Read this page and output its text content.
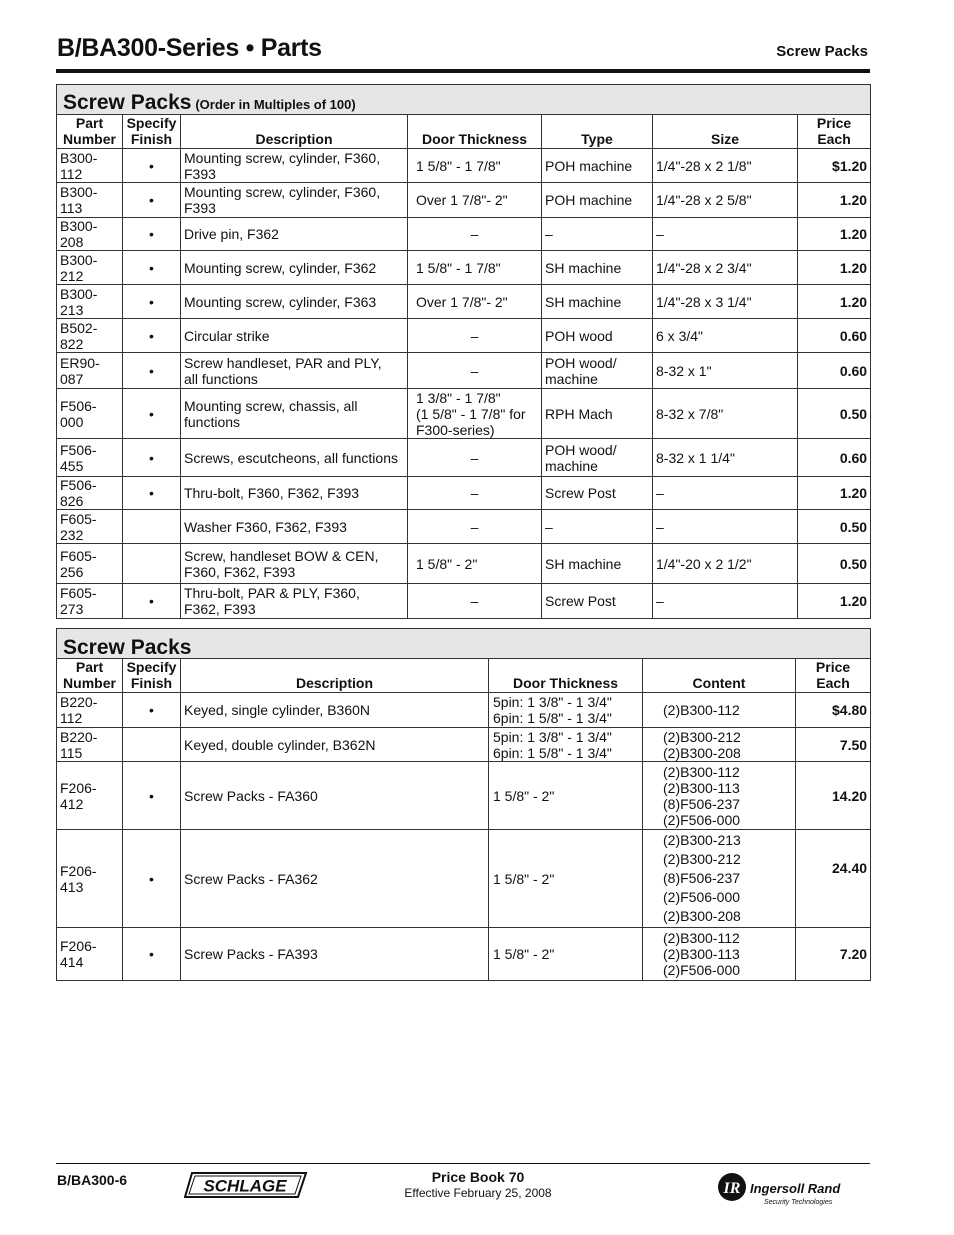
B/BA300-Series • Parts	Screw Packs
Screw Packs (Order in Multiples of 100)						

Part
Number	Specify
Finish	Description	Door Thickness	Type	Size	Price
Each

B300-112	•	Mounting screw, cylinder, F360,
F393	1 5/8" - 1 7/8"	POH machine	1/4"-28 x 2 1/8"	$1.20
B300-113	•	Mounting screw, cylinder, F360,
F393	Over 1 7/8"- 2"	POH machine	1/4"-28 x 2 5/8"	1.20
B300-208	•	Drive pin, F362	–	–	–	1.20
B300-212	•	Mounting screw, cylinder, F362	1 5/8" - 1 7/8"	SH machine	1/4"-28 x 2 3/4"	1.20
B300-213	•	Mounting screw, cylinder, F363	Over 1 7/8"- 2"	SH machine	1/4"-28 x 3 1/4"	1.20
B502-822	•	Circular strike	–	POH wood	6 x 3/4"	0.60
ER90-087	•	Screw handleset, PAR and PLY,
all functions	–	POH wood/
machine	8-32 x 1"	0.60
F506-000	•	Mounting screw, chassis, all
functions	1 3/8" - 1 7/8"
(1 5/8" - 1 7/8" for
F300-series)	RPH Mach	8-32 x 7/8"	0.50
F506-455	•	Screws, escutcheons, all functions	–	POH wood/
machine	8-32 x 1 1/4"	0.60
F506-826	•	Thru-bolt, F360, F362, F393	–	Screw Post	–	1.20
F605-232		Washer F360, F362, F393	–	–	–	0.50
F605-256		Screw, handleset BOW & CEN,
F360, F362, F393	1 5/8" - 2"	SH machine	1/4"-20 x 2 1/2"	0.50
F605-273	•	Thru-bolt, PAR & PLY, F360,
F362, F393	–	Screw Post	–	1.20
Screw Packs					

Part
Number	Specify
Finish	Description	Door Thickness	Content	Price
Each

B220-112	•	Keyed, single cylinder, B360N	5pin: 1 3/8" - 1 3/4"
6pin: 1 5/8" - 1 3/4"	(2)B300-112	$4.80
B220-115		Keyed, double cylinder, B362N	5pin: 1 3/8" - 1 3/4"
6pin: 1 5/8" - 1 3/4"	(2)B300-212
(2)B300-208	7.50
F206-412	•	Screw Packs - FA360	1 5/8" - 2"	(2)B300-112
(2)B300-113
(8)F506-237
(2)F506-000	14.20
F206-413	•	Screw Packs - FA362	1 5/8" - 2"	(2)B300-213
(2)B300-212
(8)F506-237
(2)F506-000
(2)B300-208	24.40
F206-414	•	Screw Packs - FA393	1 5/8" - 2"	(2)B300-112
(2)B300-113
(2)F506-000	7.20
B/BA300-6	SCHLAGE	Price Book 70
Effective February 25, 2008	IR Ingersoll Rand
Security Technologies
